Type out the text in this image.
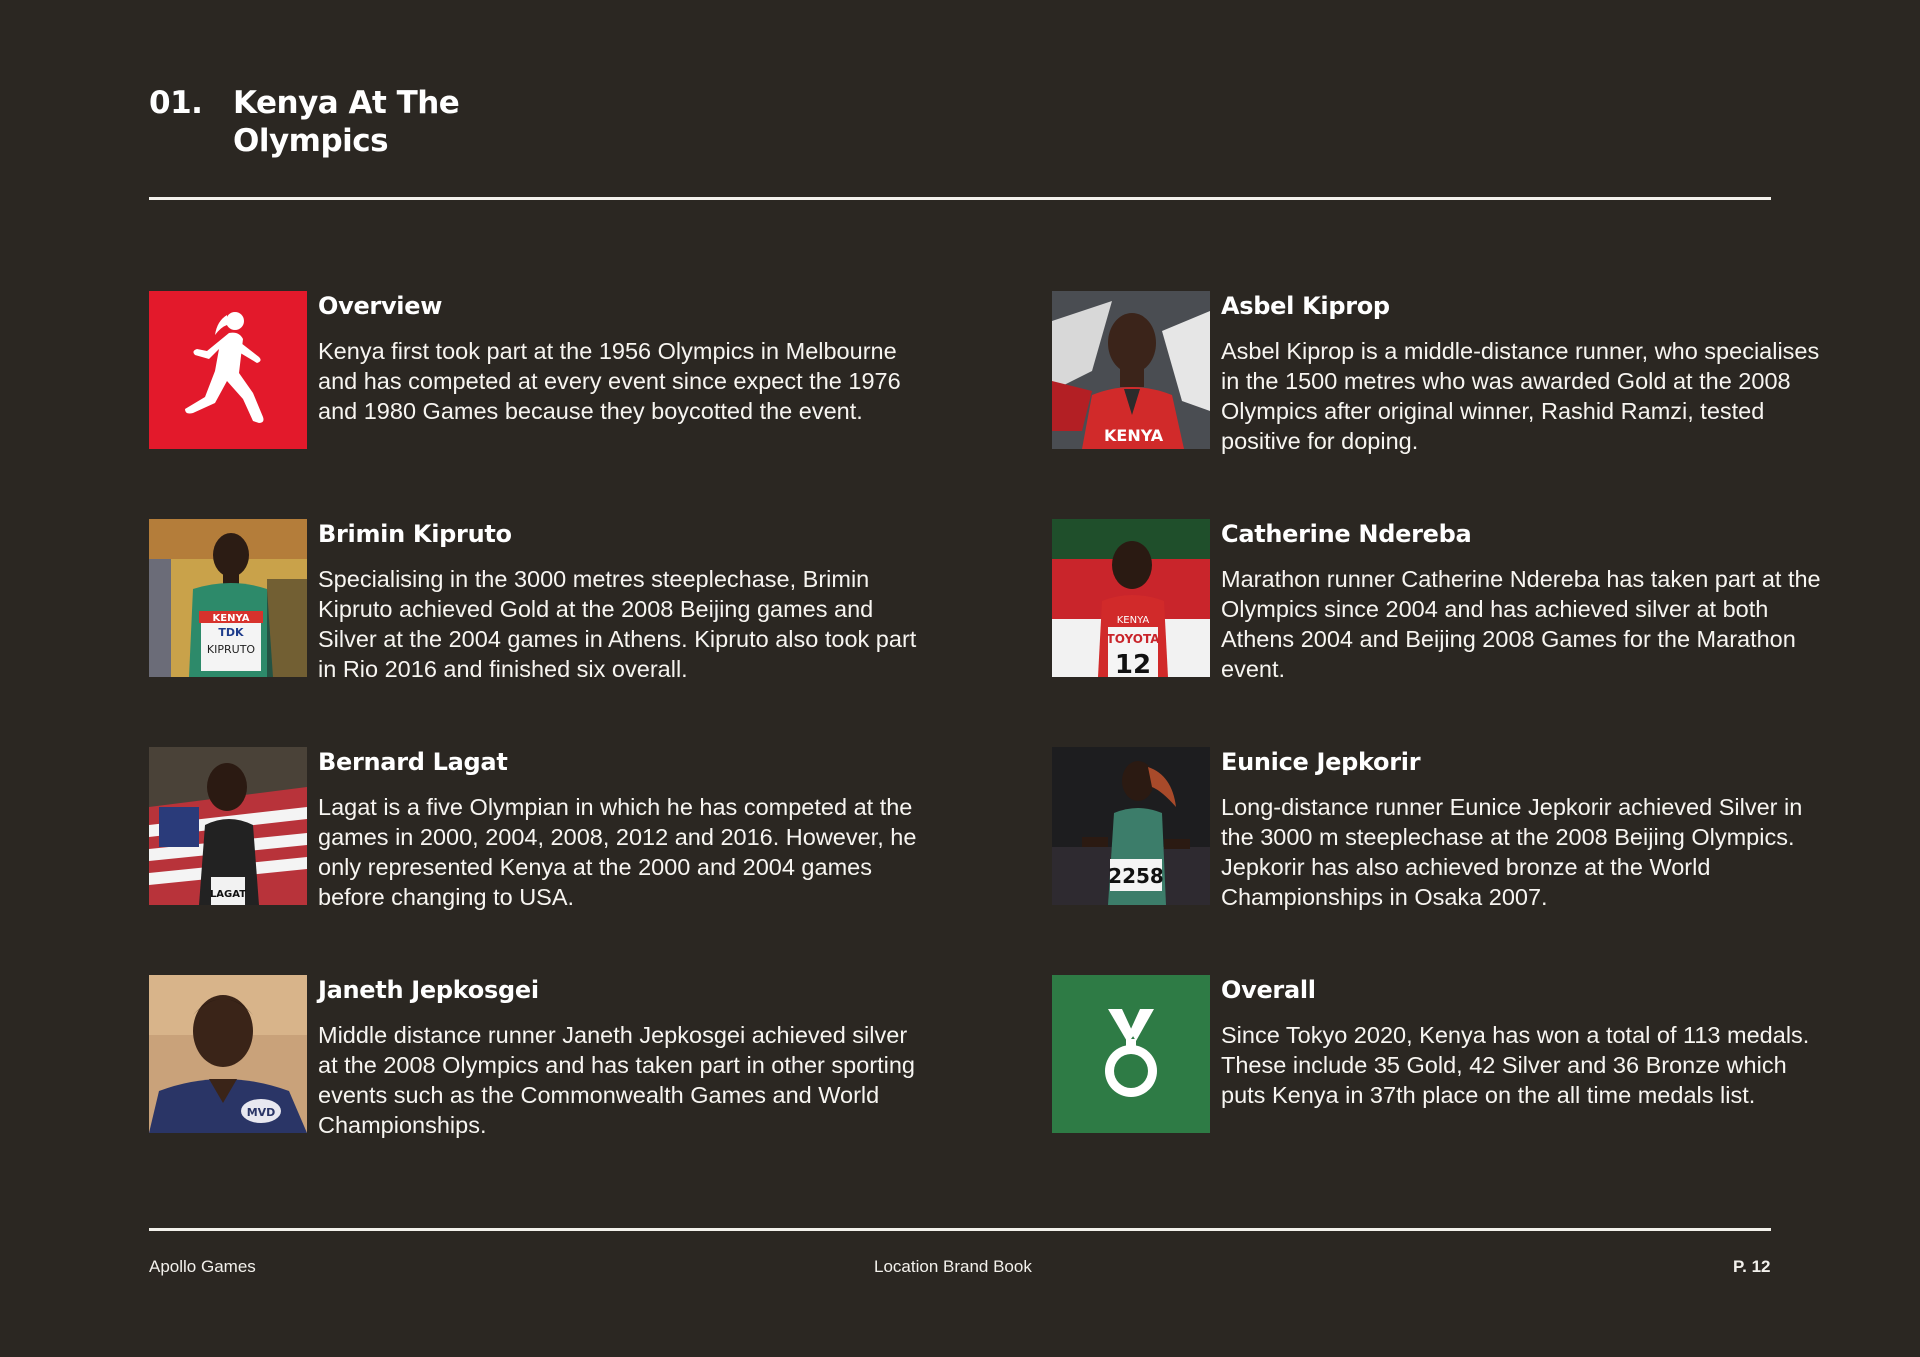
01. Kenya At The Olympics
Overview
Kenya first took part at the 1956 Olympics in Melbourne and has competed at every event since expect the 1976 and 1980 Games because they boycotted the event.
KENYA
Asbel Kiprop
Asbel Kiprop is a middle-distance runner, who specialises in the 1500 metres who was awarded Gold at the 2008 Olympics after original winner, Rashid Ramzi, tested positive for doping.
KENYA
TDK
KIPRUTO
Brimin Kipruto
Specialising in the 3000 metres steeplechase, Brimin Kipruto achieved Gold at the 2008 Beijing games and Silver at the 2004 games in Athens. Kipruto also took part in Rio 2016 and finished six overall.
KENYA
TOYOTA
12
Catherine Ndereba
Marathon runner Catherine Ndereba has taken part at the Olympics since 2004 and has achieved silver at both Athens 2004 and Beijing 2008 Games for the Marathon event.
LAGAT
Bernard Lagat
Lagat is a five Olympian in which he has competed at the games in 2000, 2004, 2008, 2012 and 2016. However, he only represented Kenya at the 2000 and 2004 games before changing to USA.
2258
Eunice Jepkorir
Long-distance runner Eunice Jepkorir achieved Silver in the 3000 m steeplechase at the 2008 Beijing Olympics. Jepkorir has also achieved bronze at the World Championships in Osaka 2007.
MVD
Janeth Jepkosgei
Middle distance runner Janeth Jepkosgei achieved silver at the 2008 Olympics and has taken part in other sporting events such as the Commonwealth Games and World Championships.
Overall
Since Tokyo 2020, Kenya has won a total of 113 medals. These include 35 Gold, 42 Silver and 36 Bronze which puts Kenya in 37th place on the all time medals list.
Apollo Games	Location Brand Book	P. 12
